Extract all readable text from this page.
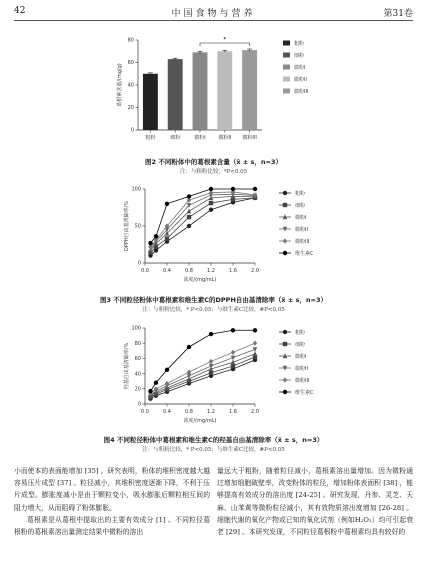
42	中国食物与营养	第31卷
0
20
40
60
80
葛根素含量/(mg/g)
粗粉	细粉	微粉I	微粉II 微粉III
*
粗粉
细粉
微粉I
微粉II
微粉III
图2 不同粉体中的葛根素含量（x̄ ± s，n=3）
注：与粗粉比较，*P<0.05
0
50
100
0.0	0.4	0.8	1.2	1.6	2.0
浓度/(mg/mL)
DPPH自由基清除率/%
粗粉
细粉
微粉I
微粉II
微粉III
维生素C
图3 不同粒径粉体中葛根素和维生素C的DPPH自由基清除率（x̄ ± s，n=3）
注：与粗粉比较，* P<0.05；与维生素C比较，#P<0.05
0
20
40
60
80
100
0.0	0.4	0.8	1.2	1.6	2.0
浓度/(mg/mL)
羟基自由基清除率/%
粗粉
细粉
微粉I
微粉II
微粉III
维生素C
图4 不同粒径粉体中葛根素和维生素C的羟基自由基清除率（x̄ ± s，n=3）
注：与粗粉比较，* P<0.05；与维生素C比较，#P<0.05

小而使本的表面能增加 [35] 。研究表明，粉体的堆积密度越大越容易压片成型 [37] 。粒径减小，其堆积密度逐渐下降，不利于压片成型。膨胀度减小是由于颗粒变小，吸水膨胀后颗粒相互间的阻力增大，从而阻碍了粉体膨胀。

葛根素是从葛根中提取出的主要有效成分 [1] 。不同粒径葛根粉的葛根素溶出量测定结果中微粉的溶出

量远大于粗粉，随着粒径减小，葛根素溶出量增加。因为微粉通过增加细胞破壁率，改变粉体的粒径，增加粉体表面积 [38] ，能够提高有效成分的溶出度 [24-25] 。研究发现，丹参、灵芝、天麻、山苯黄等微粉粒径减小，其有效物质溶出度增加 [26-28] 。细胞代谢的氧化产物或已知的氧化试剂（例如H₂O₂）均可引起衰老 [29] 。本研究发现，不同粒径葛根粉中葛根素均具有较好的
